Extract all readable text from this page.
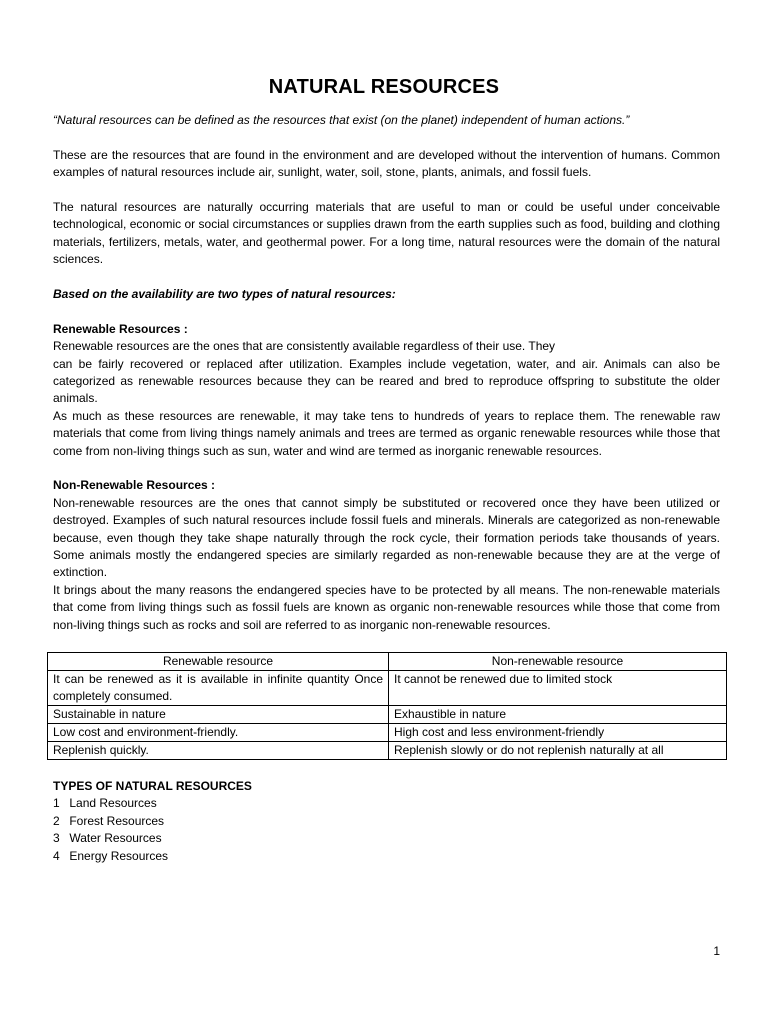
NATURAL RESOURCES

“Natural resources can be defined as the resources that exist (on the planet) independent of human actions.”

These are the resources that are found in the environment and are developed without the intervention of humans. Common examples of natural resources include air, sunlight, water, soil, stone, plants, animals, and fossil fuels.

The natural resources are naturally occurring materials that are useful to man or could be useful under conceivable technological, economic or social circumstances or supplies drawn from the earth supplies such as food, building and clothing materials, fertilizers, metals, water, and geothermal power. For a long time, natural resources were the domain of the natural sciences.

Based on the availability are two types of natural resources:

Renewable Resources :

Renewable resources are the ones that are consistently available regardless of their use. They

can be fairly recovered or replaced after utilization. Examples include vegetation, water, and air. Animals can also be categorized as renewable resources because they can be reared and bred to reproduce offspring to substitute the older animals.

As much as these resources are renewable, it may take tens to hundreds of years to replace them. The renewable raw materials that come from living things namely animals and trees are termed as organic renewable resources while those that come from non-living things such as sun, water and wind are termed as inorganic renewable resources.

Non-Renewable Resources :

Non-renewable resources are the ones that cannot simply be substituted or recovered once they have been utilized or destroyed. Examples of such natural resources include fossil fuels and minerals. Minerals are categorized as non-renewable because, even though they take shape naturally through the rock cycle, their formation periods take thousands of years. Some animals mostly the endangered species are similarly regarded as non-renewable because they are at the verge of extinction.

It brings about the many reasons the endangered species have to be protected by all means. The non-renewable materials that come from living things such as fossil fuels are known as organic non-renewable resources while those that come from non-living things such as rocks and soil are referred to as inorganic non-renewable resources.

Renewable resource	Non-renewable resource
It can be renewed as it is available in infinite quantity Once completely consumed.	It cannot be renewed due to limited stock
Sustainable in nature	Exhaustible in nature
Low cost and environment-friendly.	High cost and less environment-friendly
Replenish quickly.	Replenish slowly or do not replenish naturally at all
TYPES OF NATURAL RESOURCES
1 Land Resources
2 Forest Resources
3 Water Resources
4 Energy Resources
1
